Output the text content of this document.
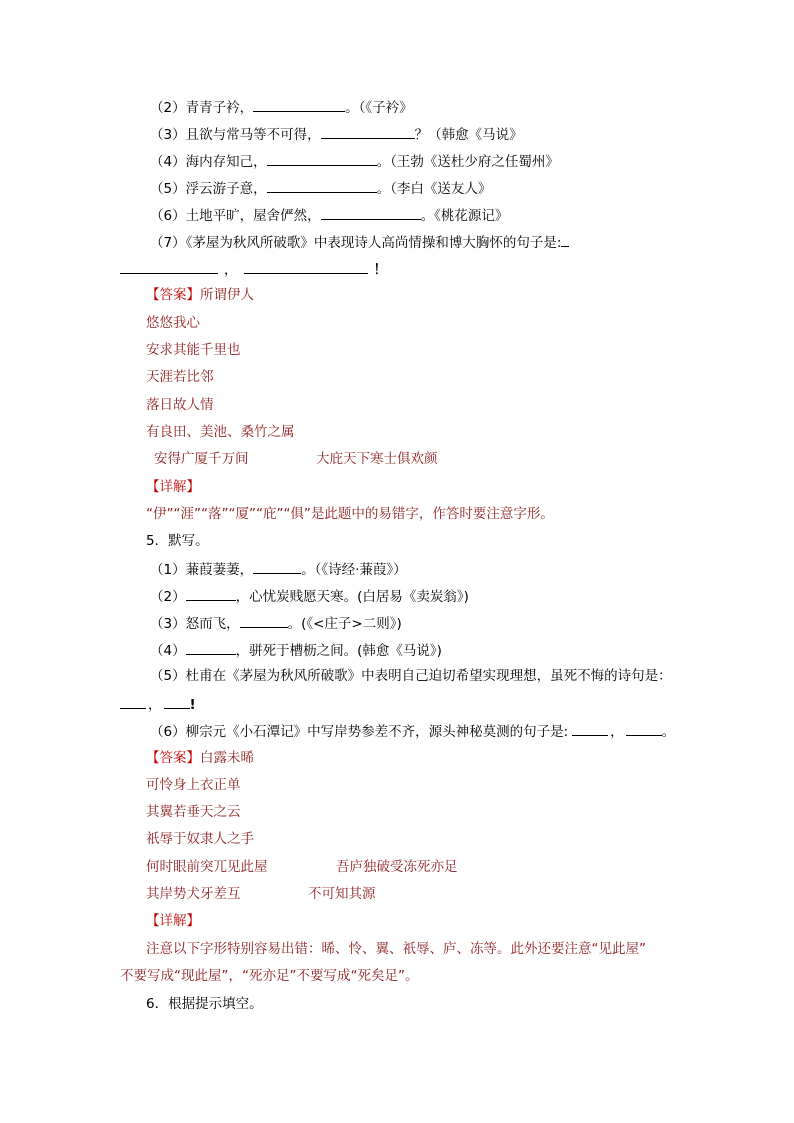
（2）青青子衿，	。（《子衿》
（3）且欲与常马等不可得，	？（韩愈《马说》
（4）海内存知己，	。（王勃《送杜少府之任蜀州》
（5）浮云游子意，	。（李白《送友人》
（6）土地平旷，屋舍俨然，	。《桃花源记》
（7）《茅屋为秋风所破歌》中表现诗人高尚情操和博大胸怀的句子是:
，	！
【答案】所谓伊人
悠悠我心
安求其能千里也
天涯若比邻
落日故人情
有良田、美池、桑竹之属
安得广厦千万间	大庇天下寒士俱欢颜
【详解】
“伊”“涯”“落”“厦”“庇”“俱”是此题中的易错字，作答时要注意字形。
5．默写。
（1）蒹葭萋萋，	。（《诗经·蒹葭》）
（2）	，心忧炭贱愿天寒。(白居易《卖炭翁》)
（3）怒而飞，	。(《<庄子>二则》)
（4）	，骈死于槽枥之间。(韩愈《马说》)
（5）杜甫在《茅屋为秋风所破歌》中表明自己迫切希望实现理想，虽死不悔的诗句是：
， !
（6）柳宗元《小石潭记》中写岸势参差不齐，源头神秘莫测的句子是:	，	。
【答案】白露未晞
可怜身上衣正单
其翼若垂天之云
祇辱于奴隶人之手
何时眼前突兀见此屋	吾庐独破受冻死亦足
其岸势犬牙差互	不可知其源
【详解】
注意以下字形特别容易出错：晞、怜、翼、祇辱、庐、冻等。此外还要注意“见此屋”
不要写成“现此屋”，“死亦足”不要写成“死矣足”。
6．根据提示填空。
